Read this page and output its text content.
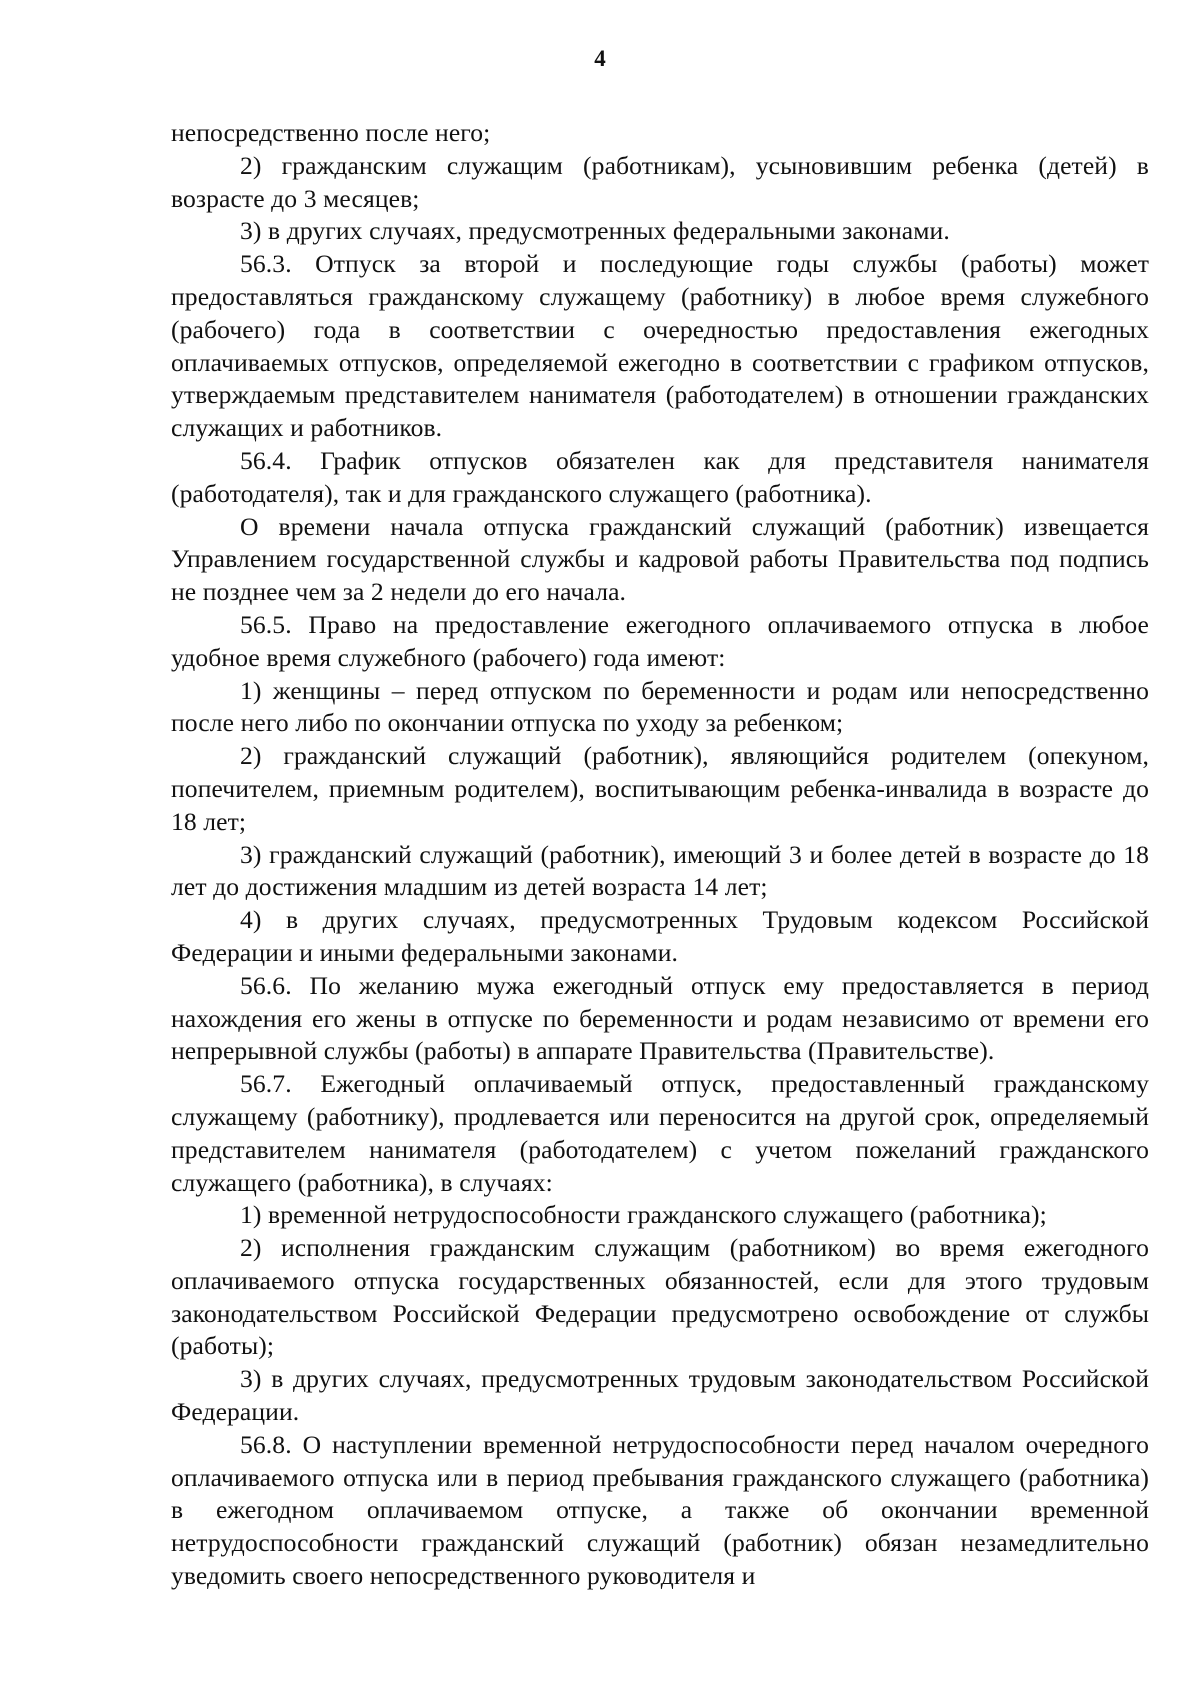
4

непосредственно после него;

2) гражданским служащим (работникам), усыновившим ребенка (детей) в возрасте до 3 месяцев;

3) в других случаях, предусмотренных федеральными законами.

56.3. Отпуск за второй и последующие годы службы (работы) может предоставляться гражданскому служащему (работнику) в любое время служебного (рабочего) года в соответствии с очередностью предоставления ежегодных оплачиваемых отпусков, определяемой ежегодно в соответствии с графиком отпусков, утверждаемым представителем нанимателя (работодателем) в отношении гражданских служащих и работников.

56.4. График отпусков обязателен как для представителя нанимателя (работодателя), так и для гражданского служащего (работника).

О времени начала отпуска гражданский служащий (работник) извещается Управлением государственной службы и кадровой работы Правительства под подпись не позднее чем за 2 недели до его начала.

56.5. Право на предоставление ежегодного оплачиваемого отпуска в любое удобное время служебного (рабочего) года имеют:

1) женщины – перед отпуском по беременности и родам или непосредственно после него либо по окончании отпуска по уходу за ребенком;

2) гражданский служащий (работник), являющийся родителем (опекуном, попечителем, приемным родителем), воспитывающим ребенка-инвалида в возрасте до 18 лет;

3) гражданский служащий (работник), имеющий 3 и более детей в возрасте до 18 лет до достижения младшим из детей возраста 14 лет;

4) в других случаях, предусмотренных Трудовым кодексом Российской Федерации и иными федеральными законами.

56.6. По желанию мужа ежегодный отпуск ему предоставляется в период нахождения его жены в отпуске по беременности и родам независимо от времени его непрерывной службы (работы) в аппарате Правительства (Правительстве).

56.7. Ежегодный оплачиваемый отпуск, предоставленный гражданскому служащему (работнику), продлевается или переносится на другой срок, определяемый представителем нанимателя (работодателем) с учетом пожеланий гражданского служащего (работника), в случаях:

1) временной нетрудоспособности гражданского служащего (работника);

2) исполнения гражданским служащим (работником) во время ежегодного оплачиваемого отпуска государственных обязанностей, если для этого трудовым законодательством Российской Федерации предусмотрено освобождение от службы (работы);

3) в других случаях, предусмотренных трудовым законодательством Российской Федерации.

56.8. О наступлении временной нетрудоспособности перед началом очередного оплачиваемого отпуска или в период пребывания гражданского служащего (работника) в ежегодном оплачиваемом отпуске, а также об окончании временной нетрудоспособности гражданский служащий (работник) обязан незамедлительно уведомить своего непосредственного руководителя и
